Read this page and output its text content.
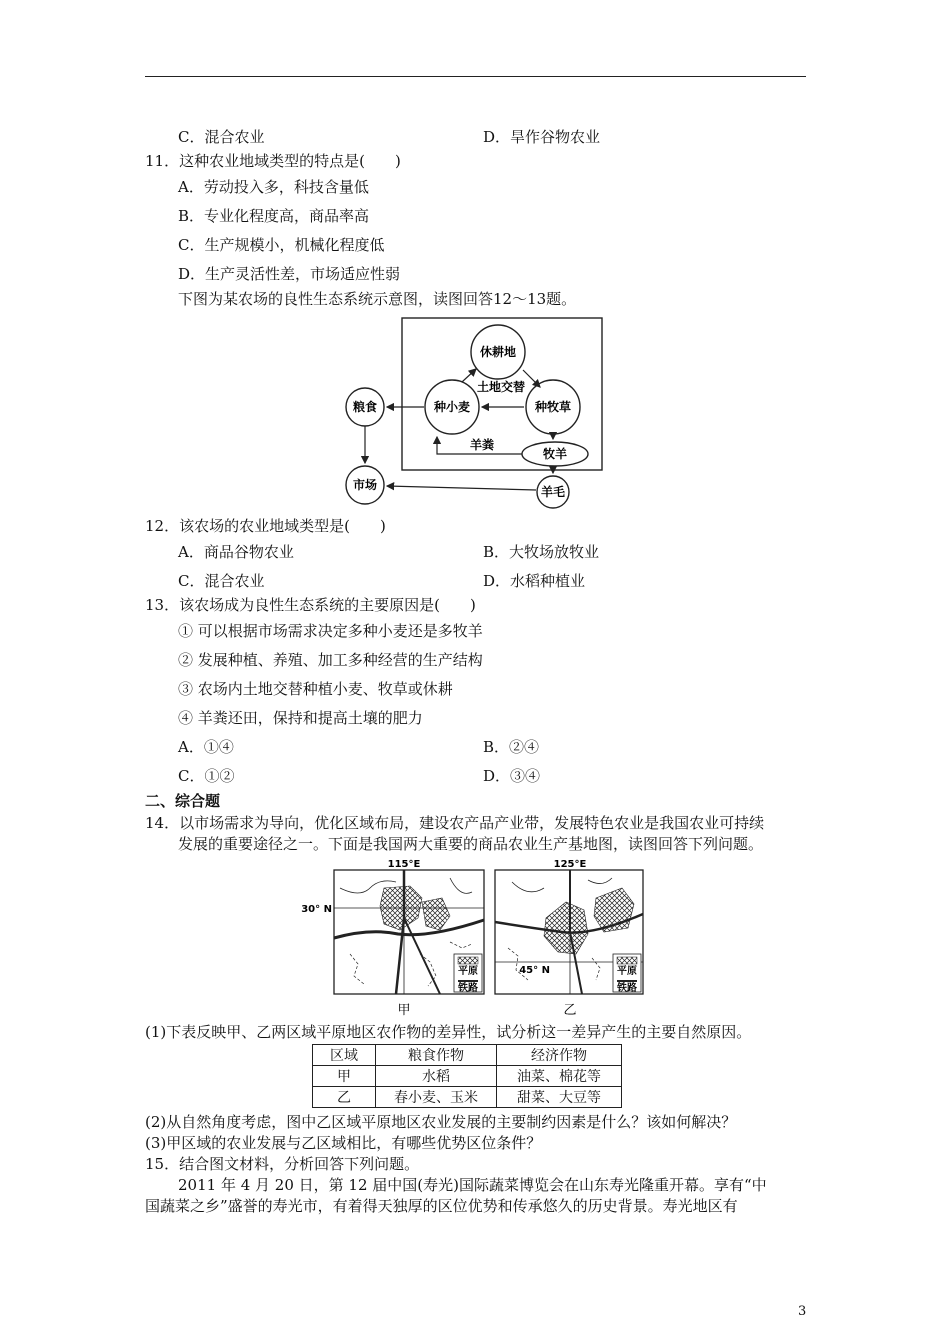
C．混合农业	D．旱作谷物农业
11．这种农业地域类型的特点是(　　)
A．劳动投入多，科技含量低
B．专业化程度高，商品率高
C．生产规模小，机械化程度低
D．生产灵活性差，市场适应性弱
下图为某农场的良性生态系统示意图，读图回答12～13题。
休耕地
土地交替
种小麦	种牧草
粮食
羊粪
牧羊
市场	羊毛
12．该农场的农业地域类型是(　　)
A．商品谷物农业	B．大牧场放牧业
C．混合农业	D．水稻种植业
13．该农场成为良性生态系统的主要原因是(　　)
① 可以根据市场需求决定多种小麦还是多牧羊
② 发展种植、养殖、加工多种经营的生产结构
③ 农场内土地交替种植小麦、牧草或休耕
④ 羊粪还田，保持和提高土壤的肥力
A．①④	B．②④
C．①②	D．③④
二、综合题
14．以市场需求为导向，优化区域布局，建设农产品产业带，发展特色农业是我国农业可持续
发展的重要途径之一。下面是我国两大重要的商品农业生产基地图，读图回答下列问题。
平原
铁路
115°E
30° N
甲
平原
铁路
125°E
45° N
乙
(1)下表反映甲、乙两区域平原地区农作物的差异性，试分析这一差异产生的主要自然原因。
区域	粮食作物	经济作物
甲	水稻	油菜、棉花等
乙	春小麦、玉米	甜菜、大豆等
(2)从自然角度考虑，图中乙区域平原地区农业发展的主要制约因素是什么？该如何解决？
(3)甲区域的农业发展与乙区域相比，有哪些优势区位条件？
15．结合图文材料，分析回答下列问题。
2011 年 4 月 20 日，第 12 届中国(寿光)国际蔬菜博览会在山东寿光隆重开幕。享有“中
国蔬菜之乡”盛誉的寿光市，有着得天独厚的区位优势和传承悠久的历史背景。寿光地区有
3
